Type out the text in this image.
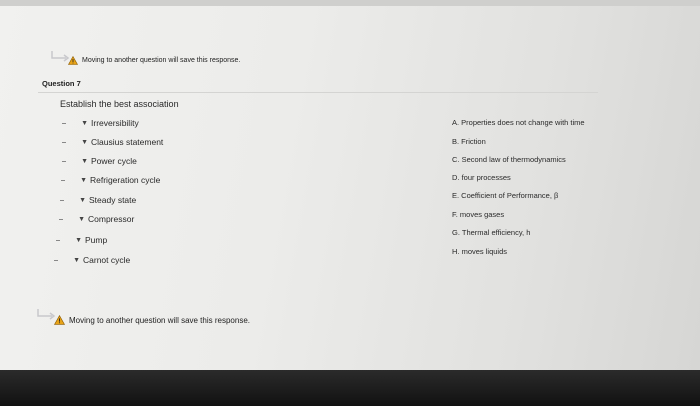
Moving to another question will save this response.
Question 7
Establish the best association
▼ Irreversibility
▼ Clausius statement
▼ Power cycle
▼ Refrigeration cycle
▼ Steady state
▼ Compressor
▼ Pump
▼ Carnot cycle
A. Properties does not change with time
B. Friction
C. Second law of thermodynamics
D. four processes
E. Coefficient of Performance, β
F. moves gases
G. Thermal efficiency, h
H. moves liquids
Moving to another question will save this response.
